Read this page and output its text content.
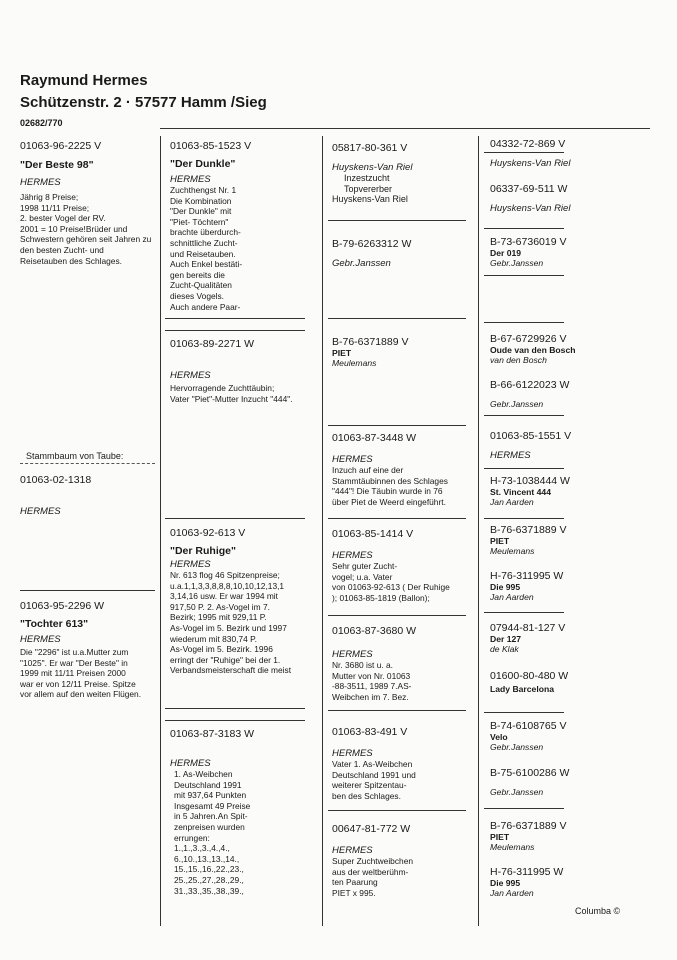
Raymund Hermes
Schützenstr. 2 · 57577 Hamm /Sieg
02682/770
01063-96-2225 V
"Der Beste 98"
HERMES
Jährig 8 Preise;
1998 11/11 Preise;
2. bester Vogel der RV.
2001 = 10 Preise!Brüder und
Schwestern gehören seit Jahren zu
den besten Zucht- und
Reisetauben des Schlages.
Stammbaum von Taube:
01063-02-1318
HERMES
01063-95-2296 W
"Tochter 613"
HERMES
Die "2296" ist u.a.Mutter zum
"1025". Er war "Der Beste" in
1999 mit 11/11 Preisen 2000
war er von 12/11 Preise. Spitze
vor allem auf den weiten Flügen.
01063-85-1523 V
"Der Dunkle"
HERMES
Zuchthengst Nr. 1
Die Kombination
"Der Dunkle" mit
"Piet- Töchtern"
brachte überdurch-
schnittliche Zucht-
und Reisetauben.
Auch Enkel bestäti-
gen bereits die
Zucht-Qualitäten
dieses Vogels.
Auch andere Paar-
01063-89-2271 W
HERMES
Hervorragende Zuchttäubin;
Vater "Piet"-Mutter Inzucht "444".
01063-92-613 V
"Der Ruhige"
HERMES
Nr. 613 flog 46 Spitzenpreise;
u.a.1,1,3,3,8,8,8,10,10,12,13,1
3,14,16 usw. Er war 1994 mit
917,50 P. 2. As-Vogel im 7.
Bezirk; 1995 mit 929,11 P.
As-Vogel im 5. Bezirk und 1997
wiederum mit 830,74 P.
As-Vogel im 5. Bezirk. 1996
erringt der "Ruhige" bei der 1.
Verbandsmeisterschaft die meist
01063-87-3183 W
HERMES
1. As-Weibchen
Deutschland 1991
mit 937,64 Punkten
Insgesamt 49 Preise
in 5 Jahren.An Spit-
zenpreisen wurden
errungen:
1.,1.,3.,3.,4.,4.,
6.,10.,13.,13.,14.,
15.,15.,16.,22.,23.,
25.,25.,27.,28.,29.,
31.,33.,35.,38.,39.,
05817-80-361 V
Huyskens-Van Riel
Inzestzucht
Topvererber
Huyskens-Van Riel
B-79-6263312 W
Gebr.Janssen
B-76-6371889 V
PIET
Meulemans
01063-87-3448 W
HERMES
Inzuch auf eine der
Stammtäubinnen des Schlages
"444"! Die Täubin wurde in 76
über Piet de Weerd eingeführt.
01063-85-1414 V
HERMES
Sehr guter Zucht-
vogel; u.a. Vater
von 01063-92-613 ( Der Ruhige
); 01063-85-1819 (Ballon);
01063-87-3680 W
HERMES
Nr. 3680 ist u. a.
Mutter von Nr. 01063
-88-3511, 1989 7.AS-
Weibchen im 7. Bez.
01063-83-491 V
HERMES
Vater 1. As-Weibchen
Deutschland 1991 und
weiterer Spitzentau-
ben des Schlages.
00647-81-772 W
HERMES
Super Zuchtweibchen
aus der weltberühm-
ten Paarung
PIET x 995.
04332-72-869 V
Huyskens-Van Riel
06337-69-511 W
Huyskens-Van Riel
B-73-6736019 V
Der 019
Gebr.Janssen
B-67-6729926 V
Oude van den Bosch
van den Bosch
B-66-6122023 W
Gebr.Janssen
01063-85-1551 V
HERMES
H-73-1038444 W
St. Vincent 444
Jan Aarden
B-76-6371889 V
PIET
Meulemans
H-76-311995 W
Die 995
Jan Aarden
07944-81-127 V
Der 127
de Klak
01600-80-480 W
Lady Barcelona
B-74-6108765 V
Velo
Gebr.Janssen
B-75-6100286 W
Gebr.Janssen
B-76-6371889 V
PIET
Meulemans
H-76-311995 W
Die 995
Jan Aarden
Columba ©
